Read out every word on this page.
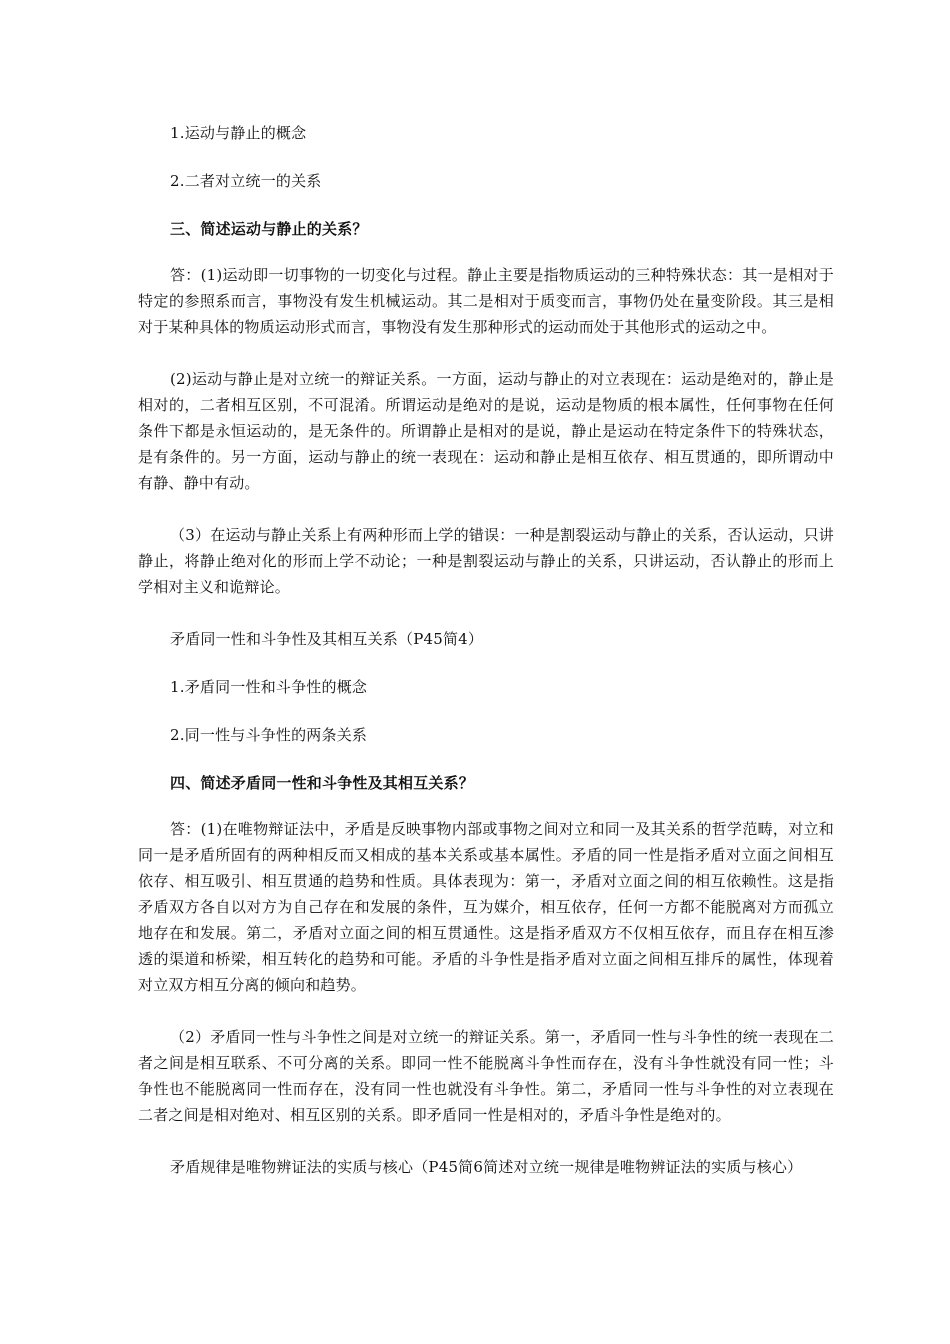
1.运动与静止的概念

2.二者对立统一的关系

三、简述运动与静止的关系？

答：(1)运动即一切事物的一切变化与过程。静止主要是指物质运动的三种特殊状态：其一是相对于特定的参照系而言，事物没有发生机械运动。其二是相对于质变而言，事物仍处在量变阶段。其三是相对于某种具体的物质运动形式而言，事物没有发生那种形式的运动而处于其他形式的运动之中。

(2)运动与静止是对立统一的辩证关系。一方面，运动与静止的对立表现在：运动是绝对的，静止是相对的，二者相互区别，不可混淆。所谓运动是绝对的是说，运动是物质的根本属性，任何事物在任何条件下都是永恒运动的，是无条件的。所谓静止是相对的是说，静止是运动在特定条件下的特殊状态，是有条件的。另一方面，运动与静止的统一表现在：运动和静止是相互依存、相互贯通的，即所谓动中有静、静中有动。

（3）在运动与静止关系上有两种形而上学的错误：一种是割裂运动与静止的关系，否认运动，只讲静止，将静止绝对化的形而上学不动论；一种是割裂运动与静止的关系，只讲运动，否认静止的形而上学相对主义和诡辩论。

矛盾同一性和斗争性及其相互关系（P45简4）

1.矛盾同一性和斗争性的概念

2.同一性与斗争性的两条关系

四、简述矛盾同一性和斗争性及其相互关系？

答：(1)在唯物辩证法中，矛盾是反映事物内部或事物之间对立和同一及其关系的哲学范畴，对立和同一是矛盾所固有的两种相反而又相成的基本关系或基本属性。矛盾的同一性是指矛盾对立面之间相互依存、相互吸引、相互贯通的趋势和性质。具体表现为：第一，矛盾对立面之间的相互依赖性。这是指矛盾双方各自以对方为自己存在和发展的条件，互为媒介，相互依存，任何一方都不能脱离对方而孤立地存在和发展。第二，矛盾对立面之间的相互贯通性。这是指矛盾双方不仅相互依存，而且存在相互渗透的渠道和桥梁，相互转化的趋势和可能。矛盾的斗争性是指矛盾对立面之间相互排斥的属性，体现着对立双方相互分离的倾向和趋势。

（2）矛盾同一性与斗争性之间是对立统一的辩证关系。第一，矛盾同一性与斗争性的统一表现在二者之间是相互联系、不可分离的关系。即同一性不能脱离斗争性而存在，没有斗争性就没有同一性；斗争性也不能脱离同一性而存在，没有同一性也就没有斗争性。第二，矛盾同一性与斗争性的对立表现在二者之间是相对绝对、相互区别的关系。即矛盾同一性是相对的，矛盾斗争性是绝对的。

矛盾规律是唯物辨证法的实质与核心（P45简6简述对立统一规律是唯物辨证法的实质与核心）
